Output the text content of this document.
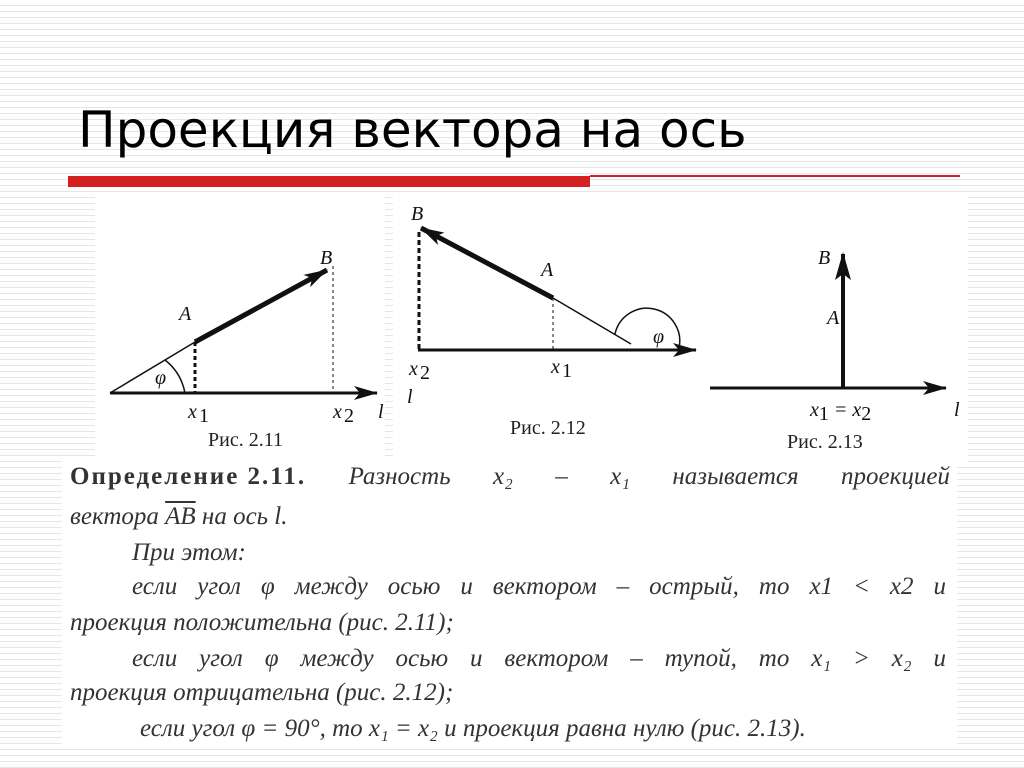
Проекция вектора на ось
B
A
φ
x 1	x 2 l
Рис. 2.11
B
A
φ
x 2	x 1
l
Рис. 2.12
B
A
x1 = x2	l
Рис. 2.13
Определение 2.11. Разность x₂ – x₁ называется проекцией
вектора $\overline{AB}$ на ось l.
При этом:
если угол φ между осью и вектором – острый, то x1 < x2 и
проекция положительна (рис. 2.11);
если угол φ между осью и вектором – тупой, то x₁ > x₂ и
проекция отрицательна (рис. 2.12);
если угол φ = 90°, то x₁ = x₂ и проекция равна нулю (рис. 2.13).
